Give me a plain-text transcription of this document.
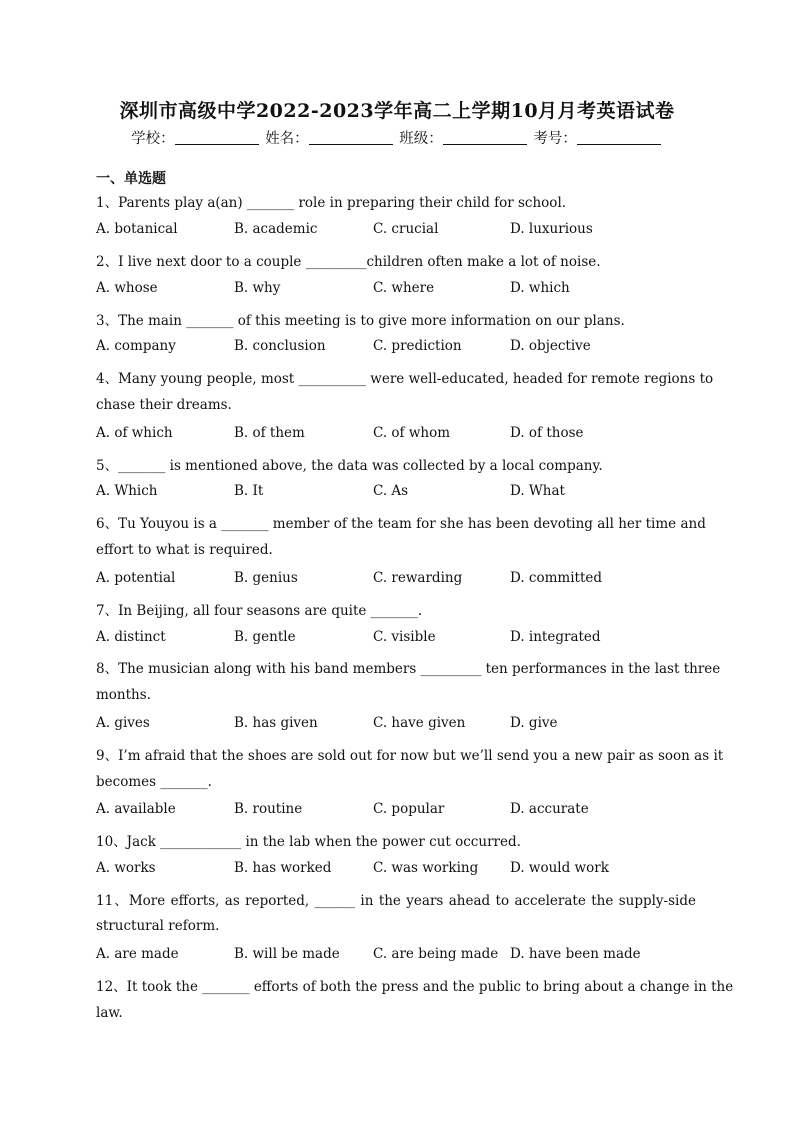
深圳市高级中学2022-2023学年高二上学期10月月考英语试卷
学校：	姓名：	班级：	考号：
一、单选题
1、Parents play a(an) _______ role in preparing their child for school.
A. botanical	B. academic	C. crucial	D. luxurious
2、I live next door to a couple _________children often make a lot of noise.
A. whose	B. why	C. where	D. which
3、The main _______ of this meeting is to give more information on our plans.
A. company	B. conclusion	C. prediction	D. objective
4、Many young people, most __________ were well-educated, headed for remote regions to
chase their dreams.
A. of which	B. of them	C. of whom	D. of those
5、_______ is mentioned above, the data was collected by a local company.
A. Which	B. It	C. As	D. What
6、Tu Youyou is a _______ member of the team for she has been devoting all her time and
effort to what is required.
A. potential	B. genius	C. rewarding	D. committed
7、In Beijing, all four seasons are quite _______.
A. distinct	B. gentle	C. visible	D. integrated
8、The musician along with his band members _________ ten performances in the last three
months.
A. gives	B. has given	C. have given	D. give
9、I’m afraid that the shoes are sold out for now but we’ll send you a new pair as soon as it
becomes _______.
A. available	B. routine	C. popular	D. accurate
10、Jack ____________ in the lab when the power cut occurred.
A. works	B. has worked	C. was working D. would work
11、More efforts, as reported, ______ in the years ahead to accelerate the supply-side
structural reform.
A. are made	B. will be made C. are being made D. have been made
12、It took the _______ efforts of both the press and the public to bring about a change in the
law.
